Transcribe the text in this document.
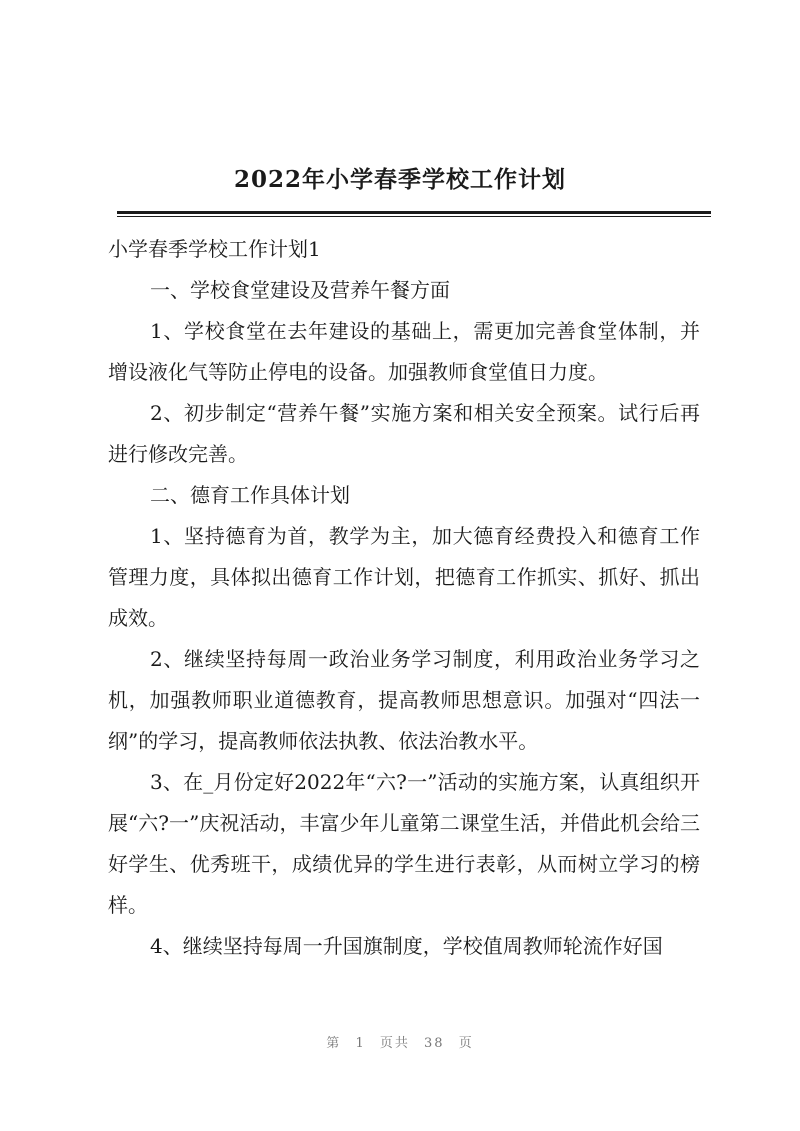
2022年小学春季学校工作计划

小学春季学校工作计划1

一、学校食堂建设及营养午餐方面

1、学校食堂在去年建设的基础上，需更加完善食堂体制，并增设液化气等防止停电的设备。加强教师食堂值日力度。

2、初步制定“营养午餐”实施方案和相关安全预案。试行后再进行修改完善。

二、德育工作具体计划

1、坚持德育为首，教学为主，加大德育经费投入和德育工作管理力度，具体拟出德育工作计划，把德育工作抓实、抓好、抓出成效。

2、继续坚持每周一政治业务学习制度，利用政治业务学习之机，加强教师职业道德教育，提高教师思想意识。加强对“四法一纲”的学习，提高教师依法执教、依法治教水平。

3、在_月份定好2022年“六?一”活动的实施方案，认真组织开展“六?一”庆祝活动，丰富少年儿童第二课堂生活，并借此机会给三好学生、优秀班干，成绩优异的学生进行表彰，从而树立学习的榜样。

4、继续坚持每周一升国旗制度，学校值周教师轮流作好国

第 1 页共 38 页
